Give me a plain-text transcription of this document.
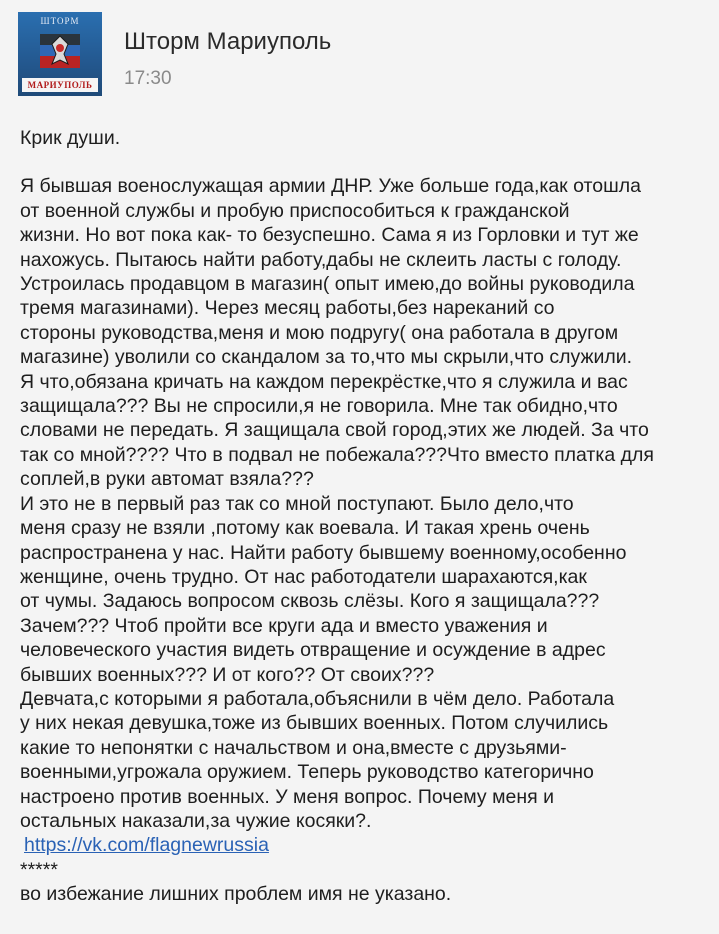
ШТОРМ
МАРИУПОЛЬ
Шторм Мариуполь
17:30
Крик души.
Я бывшая военослужащая армии ДНР. Уже больше года,как отошла
от военной службы и пробую приспособиться к гражданской
жизни. Но вот пока как- то безуспешно. Сама я из Горловки и тут же
нахожусь. Пытаюсь найти работу,дабы не склеить ласты с голоду.
Устроилась продавцом в магазин( опыт имею,до войны руководила
тремя магазинами). Через месяц работы,без нареканий со
стороны руководства,меня и мою подругу( она работала в другом
магазине) уволили со скандалом за то,что мы скрыли,что служили.
Я что,обязана кричать на каждом перекрёстке,что я служила и вас
защищала??? Вы не спросили,я не говорила. Мне так обидно,что
словами не передать. Я защищала свой город,этих же людей. За что
так со мной???? Что в подвал не побежала???Что вместо платка для
соплей,в руки автомат взяла???
И это не в первый раз так со мной поступают. Было дело,что
меня сразу не взяли ,потому как воевала. И такая хрень очень
распространена у нас. Найти работу бывшему военному,особенно
женщине, очень трудно. От нас работодатели шарахаются,как
от чумы. Задаюсь вопросом сквозь слёзы. Кого я защищала???
Зачем??? Чтоб пройти все круги ада и вместо уважения и
человеческого участия видеть отвращение и осуждение в адрес
бывших военных??? И от кого?? От своих???
Девчата,с которыми я работала,объяснили в чём дело. Работала
у них некая девушка,тоже из бывших военных. Потом случились
какие то непонятки с начальством и она,вместе с друзьями-
военными,угрожала оружием. Теперь руководство категорично
настроено против военных. У меня вопрос. Почему меня и
остальных наказали,за чужие косяки?.
https://vk.com/flagnewrussia
*****
во избежание лишних проблем имя не указано.
